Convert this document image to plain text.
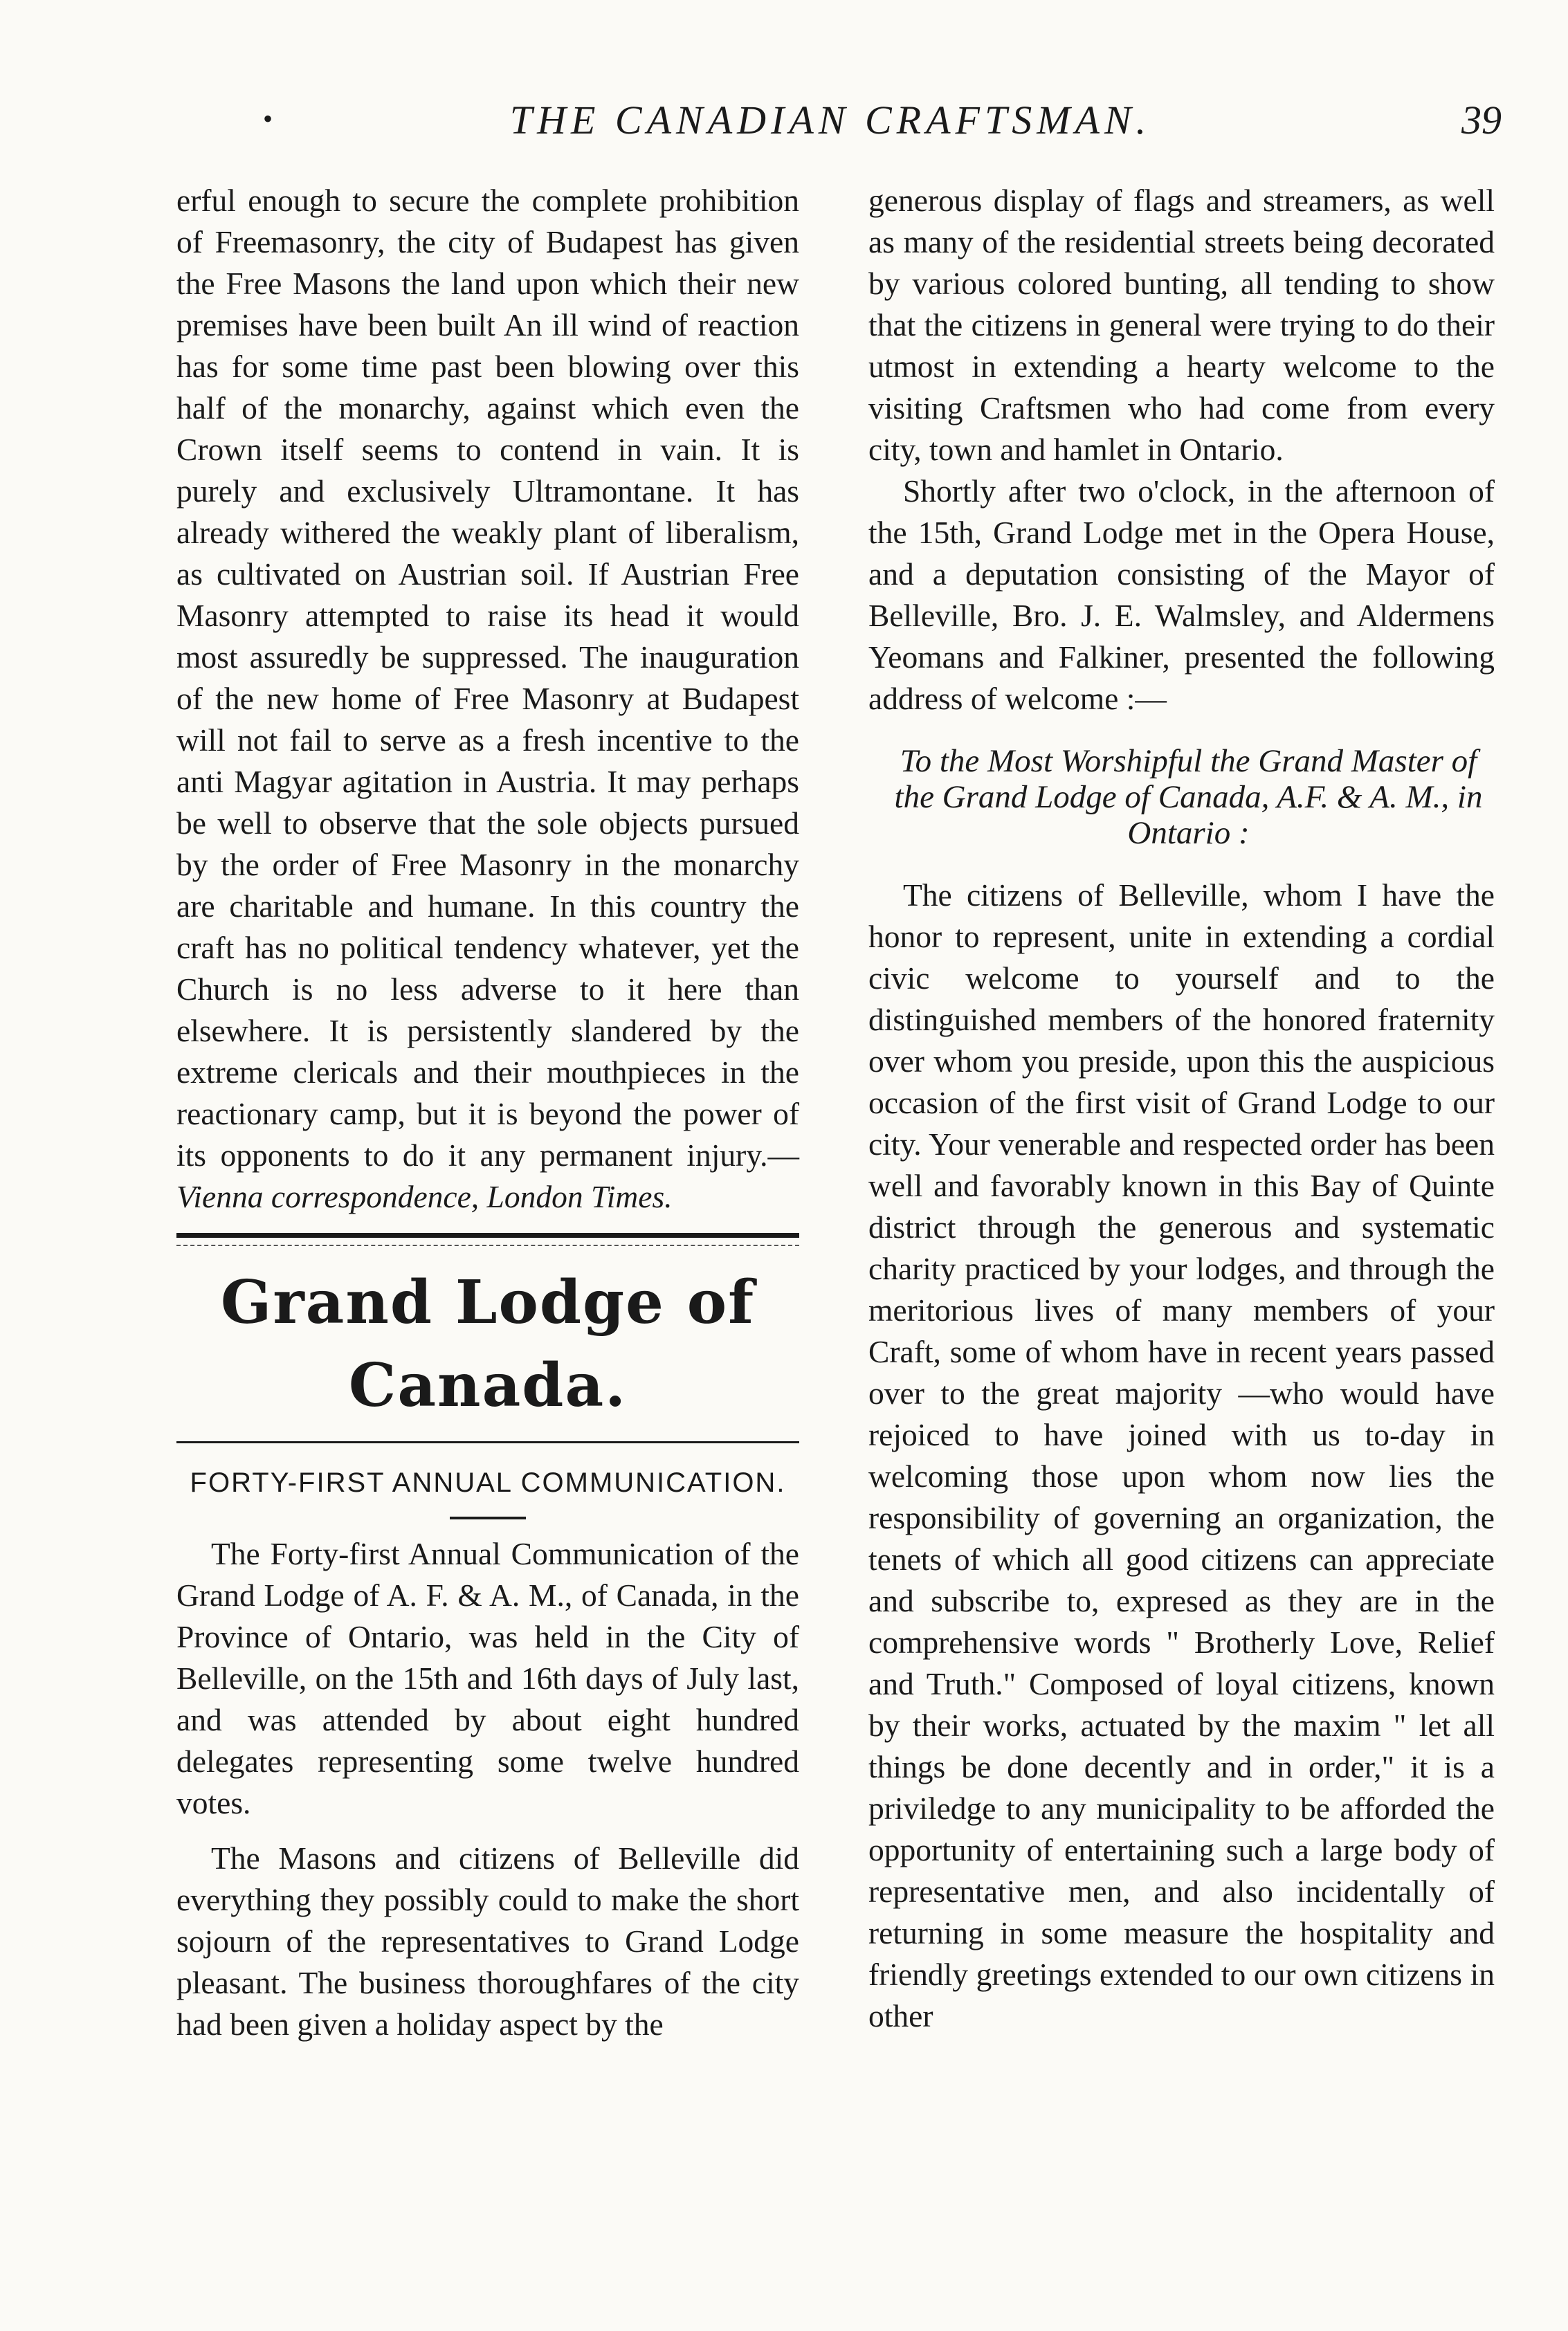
•	THE CANADIAN CRAFTSMAN.	39

erful enough to secure the complete prohibition of Freemasonry, the city of Budapest has given the Free Masons the land upon which their new premises have been built An ill wind of reaction has for some time past been blowing over this half of the monarchy, against which even the Crown itself seems to contend in vain. It is purely and exclusively Ultramontane. It has already withered the weakly plant of liberalism, as cultivated on Austrian soil. If Austrian Free Masonry attempted to raise its head it would most assuredly be suppressed. The inauguration of the new home of Free Masonry at Budapest will not fail to serve as a fresh incentive to the anti Magyar agitation in Austria. It may perhaps be well to observe that the sole objects pursued by the order of Free Masonry in the monarchy are charitable and humane. In this country the craft has no political tendency whatever, yet the Church is no less adverse to it here than elsewhere. It is persistently slandered by the extreme clericals and their mouthpieces in the reactionary camp, but it is beyond the power of its opponents to do it any permanent injury.— Vienna correspondence, London Times.

Grand Lodge of Canada.
FORTY-FIRST ANNUAL COMMUNICATION.

The Forty-first Annual Communication of the Grand Lodge of A. F. & A. M., of Canada, in the Province of Ontario, was held in the City of Belleville, on the 15th and 16th days of July last, and was attended by about eight hundred delegates representing some twelve hundred votes.

The Masons and citizens of Belleville did everything they possibly could to make the short sojourn of the representatives to Grand Lodge pleasant. The business thoroughfares of the city had been given a holiday aspect by the

generous display of flags and streamers, as well as many of the residential streets being decorated by various colored bunting, all tending to show that the citizens in general were trying to do their utmost in extending a hearty welcome to the visiting Craftsmen who had come from every city, town and hamlet in Ontario.

Shortly after two o'clock, in the afternoon of the 15th, Grand Lodge met in the Opera House, and a deputation consisting of the Mayor of Belleville, Bro. J. E. Walmsley, and Aldermens Yeomans and Falkiner, presented the following address of welcome :—

To the Most Worshipful the Grand Master of the Grand Lodge of Canada, A.F. & A. M., in Ontario :

The citizens of Belleville, whom I have the honor to represent, unite in extending a cordial civic welcome to yourself and to the distinguished members of the honored fraternity over whom you preside, upon this the auspicious occasion of the first visit of Grand Lodge to our city. Your venerable and respected order has been well and favorably known in this Bay of Quinte district through the generous and systematic charity practiced by your lodges, and through the meritorious lives of many members of your Craft, some of whom have in recent years passed over to the great majority —who would have rejoiced to have joined with us to-day in welcoming those upon whom now lies the responsibility of governing an organization, the tenets of which all good citizens can appreciate and subscribe to, expresed as they are in the comprehensive words " Brotherly Love, Relief and Truth." Composed of loyal citizens, known by their works, actuated by the maxim " let all things be done decently and in order," it is a priviledge to any municipality to be afforded the opportunity of entertaining such a large body of representative men, and also incidentally of returning in some measure the hospitality and friendly greetings extended to our own citizens in other
